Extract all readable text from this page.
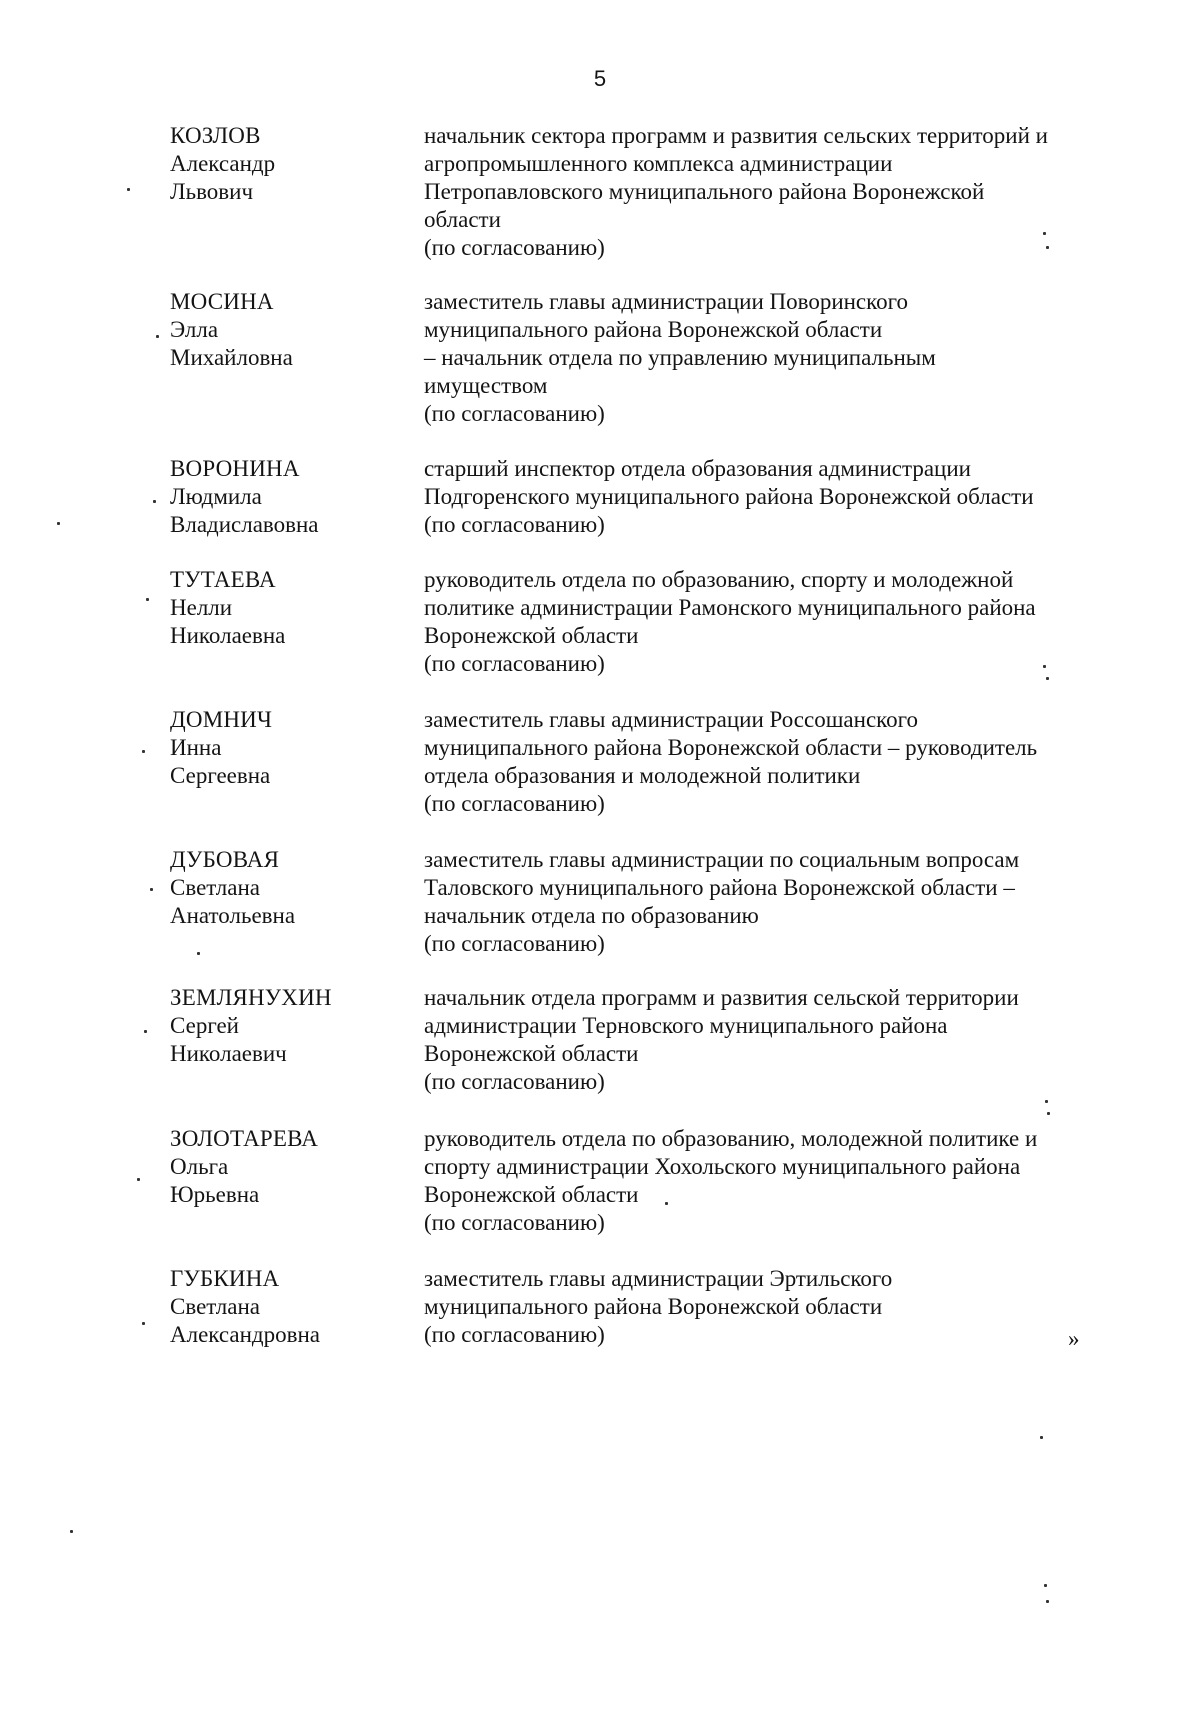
5
КОЗЛОВ
Александр
Львович
начальник сектора программ и развития сельских территорий и
агропромышленного комплекса администрации
Петропавловского муниципального района Воронежской
области
(по согласованию)
МОСИНА
Элла
Михайловна
заместитель главы администрации Поворинского
муниципального района Воронежской области
– начальник отдела по управлению муниципальным
имуществом
(по согласованию)
ВОРОНИНА
Людмила
Владиславовна
старший инспектор отдела образования администрации
Подгоренского муниципального района Воронежской области
(по согласованию)
ТУТАЕВА
Нелли
Николаевна
руководитель отдела по образованию, спорту и молодежной
политике администрации Рамонского муниципального района
Воронежской области
(по согласованию)
ДОМНИЧ
Инна
Сергеевна
заместитель главы администрации Россошанского
муниципального района Воронежской области – руководитель
отдела образования и молодежной политики
(по согласованию)
ДУБОВАЯ
Светлана
Анатольевна
заместитель главы администрации по социальным вопросам
Таловского муниципального района Воронежской области –
начальник отдела по образованию
(по согласованию)
ЗЕМЛЯНУХИН
Сергей
Николаевич
начальник отдела программ и развития сельской территории
администрации Терновского муниципального района
Воронежской области
(по согласованию)
ЗОЛОТАРЕВА
Ольга
Юрьевна
руководитель отдела по образованию, молодежной политике и
спорту администрации Хохольского муниципального района
Воронежской области
(по согласованию)
ГУБКИНА
Светлана
Александровна
заместитель главы администрации Эртильского
муниципального района Воронежской области
(по согласованию)	»
